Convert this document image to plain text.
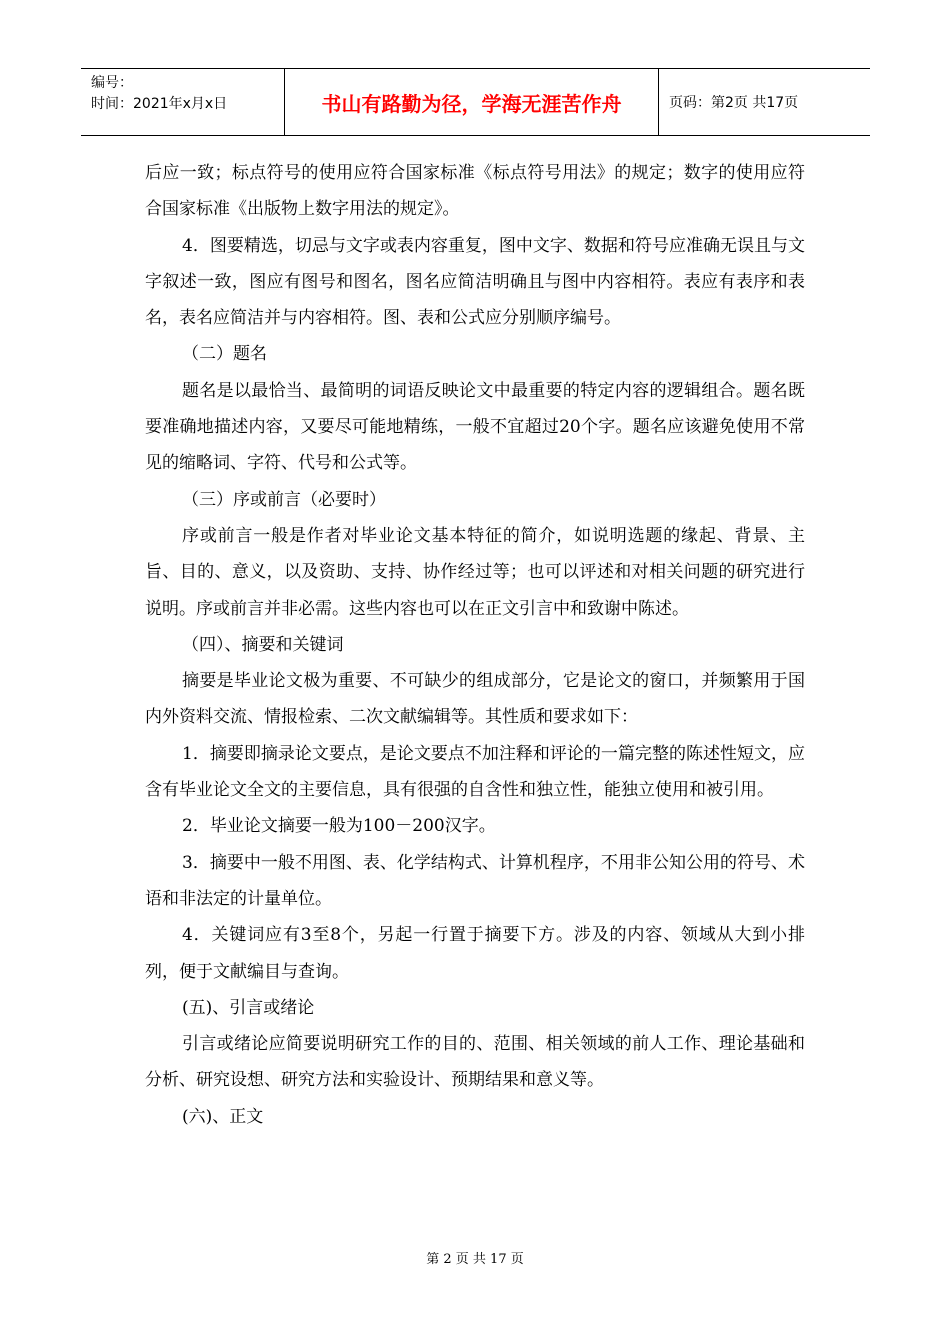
编号：
时间：2021年x月x日	书山有路勤为径，学海无涯苦作舟	页码：第2页 共17页

后应一致；标点符号的使用应符合国家标准《标点符号用法》的规定；数字的使用应符合国家标准《出版物上数字用法的规定》。

4．图要精选，切忌与文字或表内容重复，图中文字、数据和符号应准确无误且与文字叙述一致，图应有图号和图名，图名应简洁明确且与图中内容相符。表应有表序和表名，表名应简洁并与内容相符。图、表和公式应分别顺序编号。

（二）题名

题名是以最恰当、最简明的词语反映论文中最重要的特定内容的逻辑组合。题名既要准确地描述内容，又要尽可能地精练，一般不宜超过20个字。题名应该避免使用不常见的缩略词、字符、代号和公式等。

（三）序或前言（必要时）

序或前言一般是作者对毕业论文基本特征的简介，如说明选题的缘起、背景、主旨、目的、意义，以及资助、支持、协作经过等；也可以评述和对相关问题的研究进行说明。序或前言并非必需。这些内容也可以在正文引言中和致谢中陈述。

（四）、摘要和关键词

摘要是毕业论文极为重要、不可缺少的组成部分，它是论文的窗口，并频繁用于国内外资料交流、情报检索、二次文献编辑等。其性质和要求如下：

1．摘要即摘录论文要点，是论文要点不加注释和评论的一篇完整的陈述性短文，应含有毕业论文全文的主要信息，具有很强的自含性和独立性，能独立使用和被引用。

2．毕业论文摘要一般为100－200汉字。

3．摘要中一般不用图、表、化学结构式、计算机程序，不用非公知公用的符号、术语和非法定的计量单位。

4．关键词应有3至8个，另起一行置于摘要下方。涉及的内容、领域从大到小排列，便于文献编目与查询。

(五)、引言或绪论

引言或绪论应简要说明研究工作的目的、范围、相关领域的前人工作、理论基础和分析、研究设想、研究方法和实验设计、预期结果和意义等。

(六)、正文

第 2 页 共 17 页
